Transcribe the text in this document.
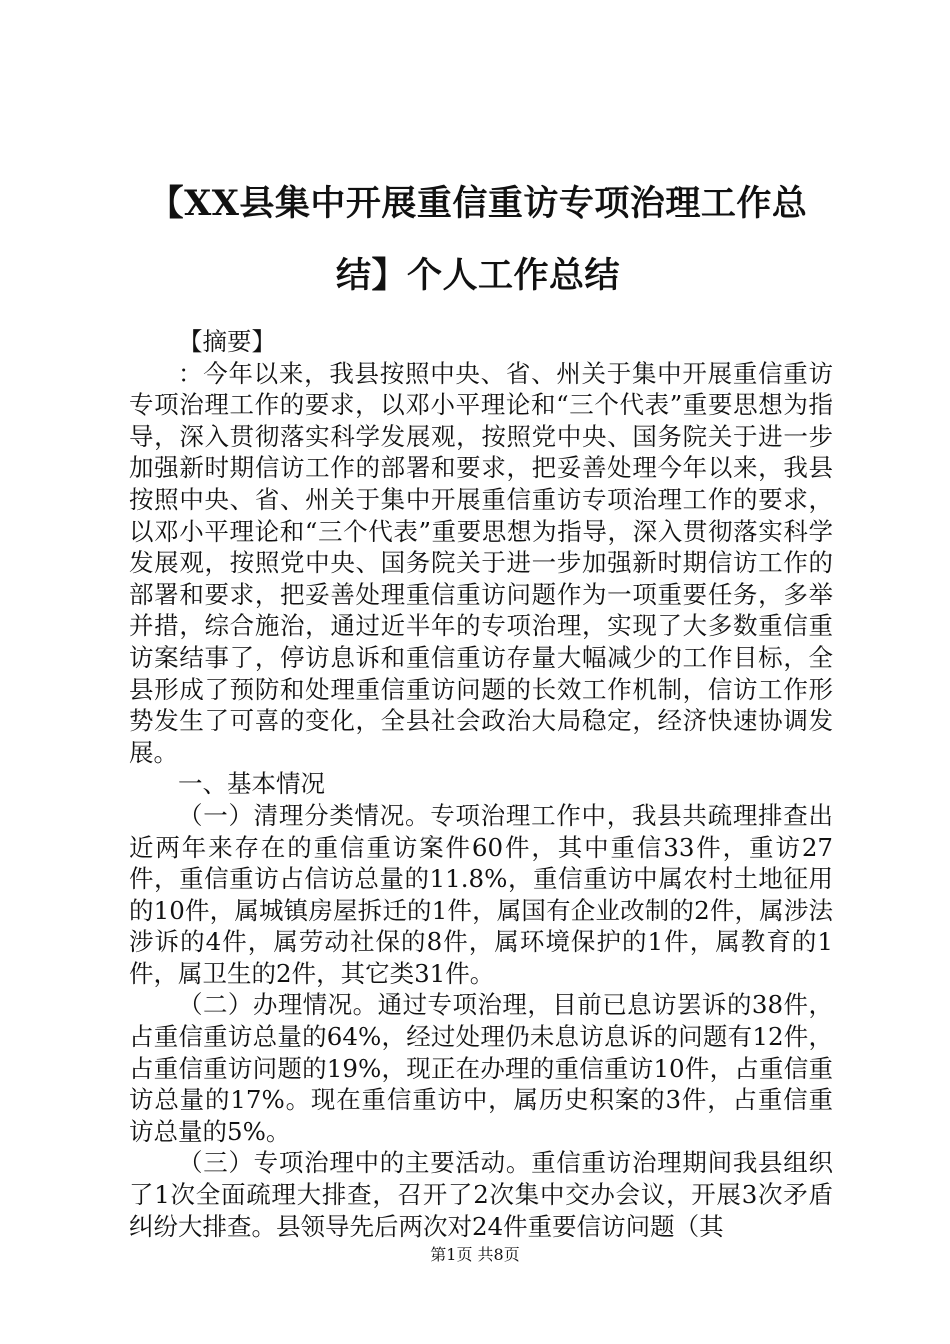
【XX县集中开展重信重访专项治理工作总
结】个人工作总结

【摘要】

：今年以来，我县按照中央、省、州关于集中开展重信重访专项治理工作的要求，以邓小平理论和“三个代表”重要思想为指导，深入贯彻落实科学发展观，按照党中央、国务院关于进一步加强新时期信访工作的部署和要求，把妥善处理今年以来，我县按照中央、省、州关于集中开展重信重访专项治理工作的要求，以邓小平理论和“三个代表”重要思想为指导，深入贯彻落实科学发展观，按照党中央、国务院关于进一步加强新时期信访工作的部署和要求，把妥善处理重信重访问题作为一项重要任务，多举并措，综合施治，通过近半年的专项治理，实现了大多数重信重访案结事了，停访息诉和重信重访存量大幅减少的工作目标，全县形成了预防和处理重信重访问题的长效工作机制，信访工作形势发生了可喜的变化，全县社会政治大局稳定，经济快速协调发展。

一、基本情况

（一）清理分类情况。专项治理工作中，我县共疏理排查出近两年来存在的重信重访案件60件，其中重信33件，重访27件，重信重访占信访总量的11.8%，重信重访中属农村土地征用的10件，属城镇房屋拆迁的1件，属国有企业改制的2件，属涉法涉诉的4件，属劳动社保的8件，属环境保护的1件，属教育的1件，属卫生的2件，其它类31件。

（二）办理情况。通过专项治理，目前已息访罢诉的38件，占重信重访总量的64%，经过处理仍未息访息诉的问题有12件，占重信重访问题的19%，现正在办理的重信重访10件，占重信重访总量的17%。现在重信重访中，属历史积案的3件，占重信重访总量的5%。

（三）专项治理中的主要活动。重信重访治理期间我县组织了1次全面疏理大排查，召开了2次集中交办会议，开展3次矛盾纠纷大排查。县领导先后两次对24件重要信访问题（其

第1页 共8页
